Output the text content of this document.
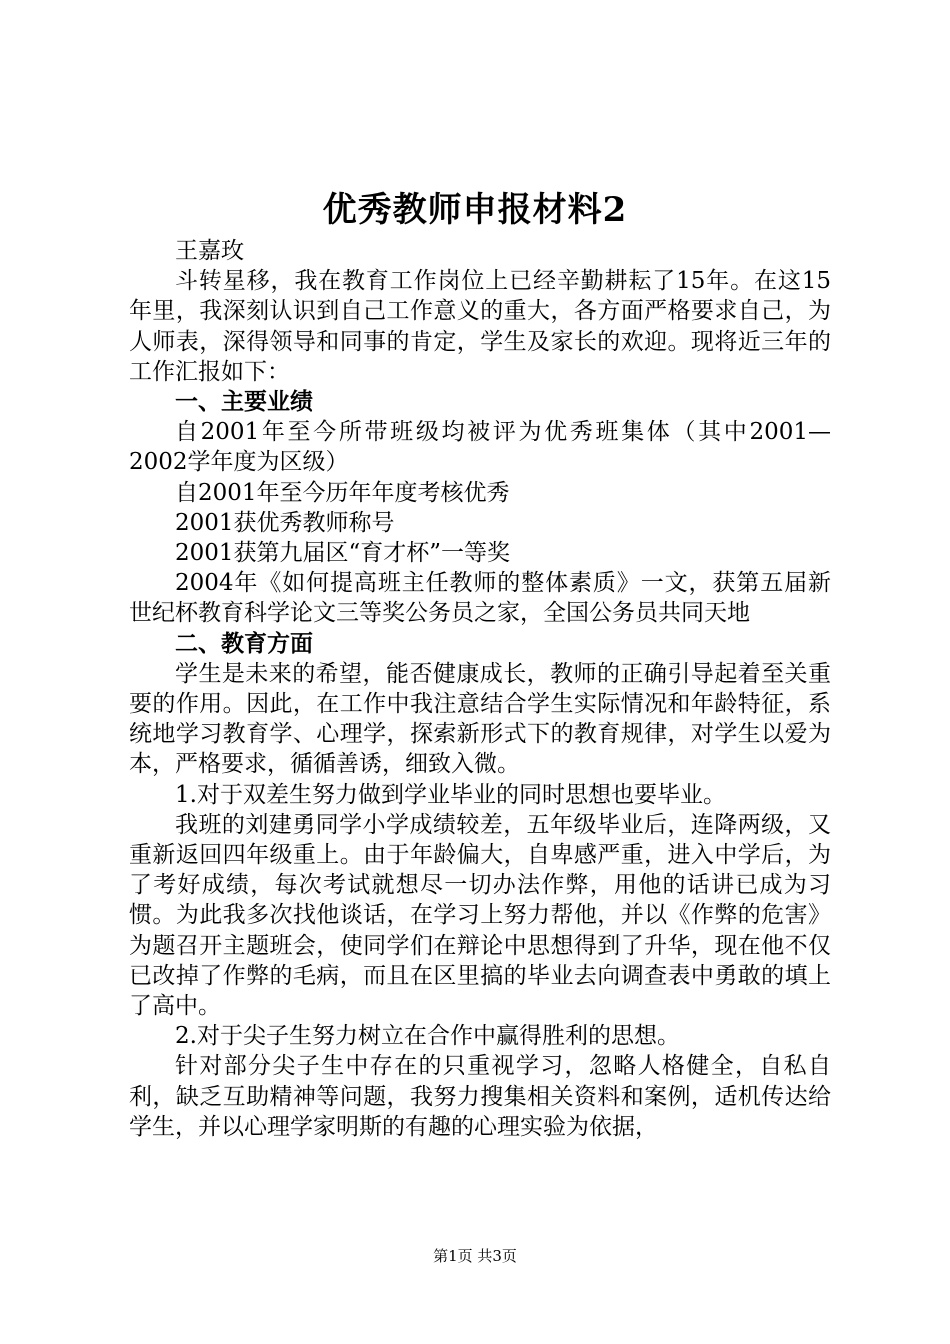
优秀教师申报材料2

王嘉玫

斗转星移，我在教育工作岗位上已经辛勤耕耘了15年。在这15年里，我深刻认识到自己工作意义的重大，各方面严格要求自己，为人师表，深得领导和同事的肯定，学生及家长的欢迎。现将近三年的工作汇报如下：

一、主要业绩

自2001年至今所带班级均被评为优秀班集体（其中2001—2002学年度为区级）

自2001年至今历年年度考核优秀

2001获优秀教师称号

2001获第九届区“育才杯”一等奖

2004年《如何提高班主任教师的整体素质》一文，获第五届新世纪杯教育科学论文三等奖公务员之家，全国公务员共同天地

二、教育方面

学生是未来的希望，能否健康成长，教师的正确引导起着至关重要的作用。因此，在工作中我注意结合学生实际情况和年龄特征，系统地学习教育学、心理学，探索新形式下的教育规律，对学生以爱为本，严格要求，循循善诱，细致入微。

1.对于双差生努力做到学业毕业的同时思想也要毕业。

我班的刘建勇同学小学成绩较差，五年级毕业后，连降两级，又重新返回四年级重上。由于年龄偏大，自卑感严重，进入中学后，为了考好成绩，每次考试就想尽一切办法作弊，用他的话讲已成为习惯。为此我多次找他谈话，在学习上努力帮他，并以《作弊的危害》为题召开主题班会，使同学们在辩论中思想得到了升华，现在他不仅已改掉了作弊的毛病，而且在区里搞的毕业去向调查表中勇敢的填上了高中。

2.对于尖子生努力树立在合作中赢得胜利的思想。

针对部分尖子生中存在的只重视学习，忽略人格健全，自私自利，缺乏互助精神等问题，我努力搜集相关资料和案例，适机传达给学生，并以心理学家明斯的有趣的心理实验为依据，

第1页 共3页
